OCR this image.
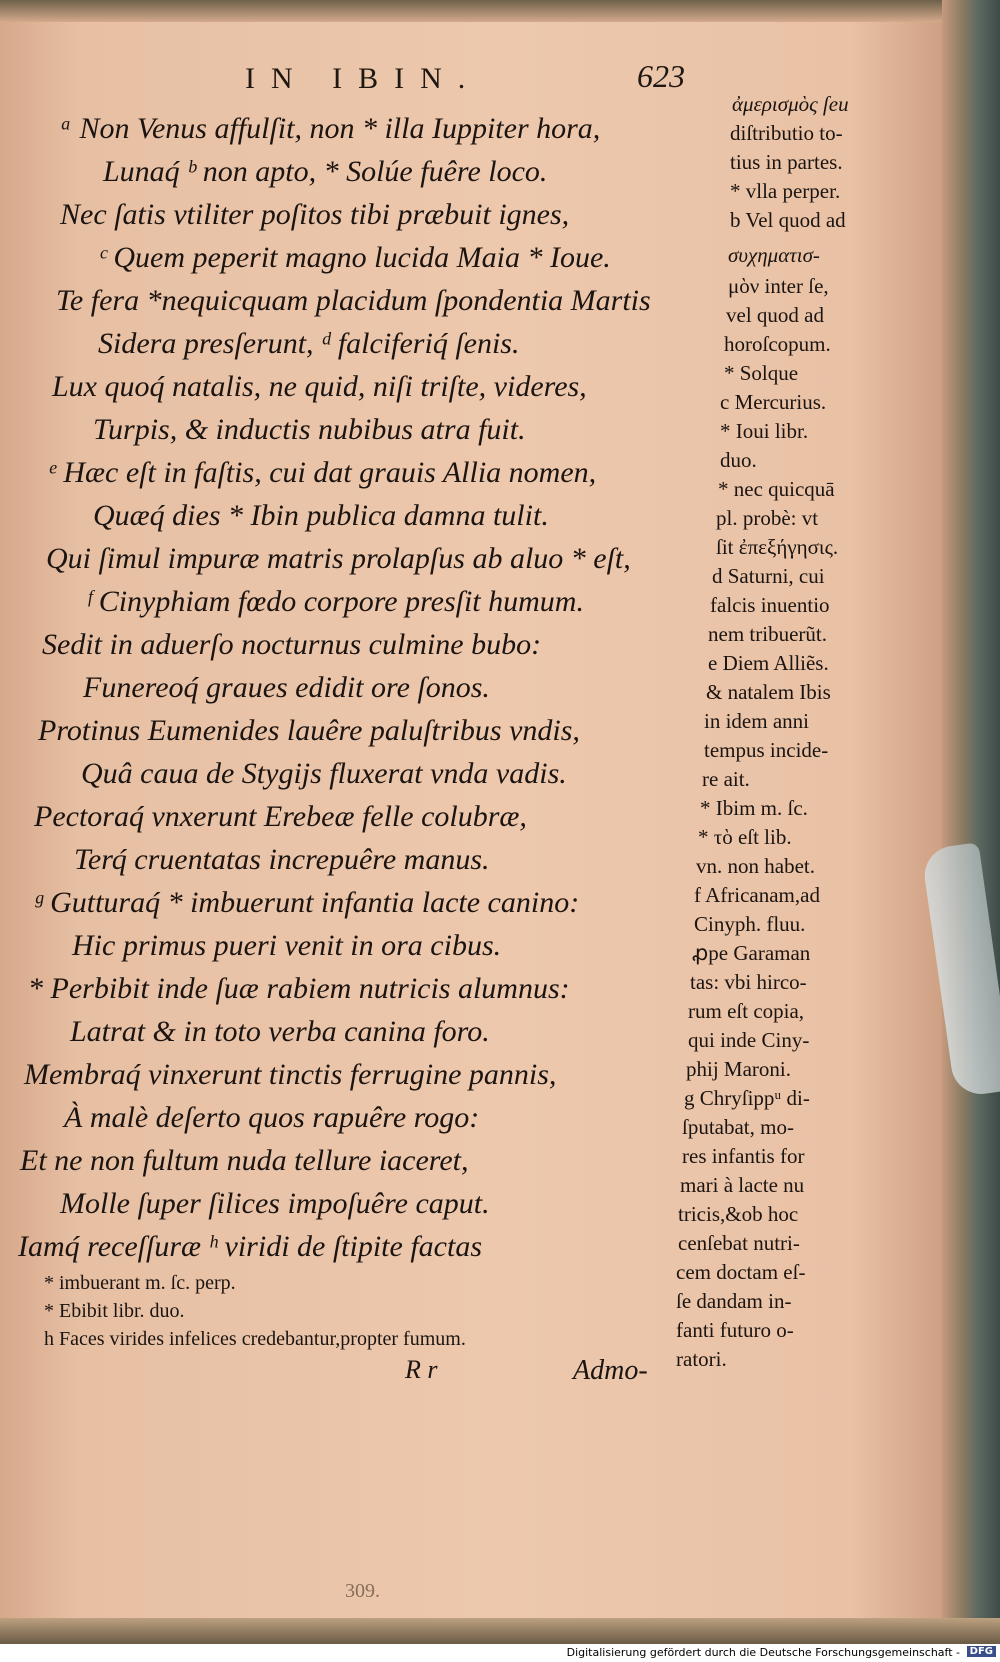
IN IBIN.	623
ᵃ Non Venus affulſit, non * illa Iuppiter hora,
Lunaq́ ᵇ non apto, * Solúe fuêre loco.
Nec ſatis vtiliter poſitos tibi præbuit ignes,
ᶜ Quem peperit magno lucida Maia * Ioue.
Te fera *nequicquam placidum ſpondentia Martis
Sidera presſerunt, ᵈ falciferiq́ ſenis.
Lux quoq́ natalis, ne quid, niſi triſte, videres,
Turpis, & inductis nubibus atra fuit.
ᵉ Hæc eſt in faſtis, cui dat grauis Allia nomen,
Quæq́ dies * Ibin publica damna tulit.
Qui ſimul impuræ matris prolapſus ab aluo * eſt,
ᶠ Cinyphiam fœdo corpore presſit humum.
Sedit in aduerſo nocturnus culmine bubo:
Funereoq́ graues edidit ore ſonos.
Protinus Eumenides lauêre paluſtribus vndis,
Quâ caua de Stygijs fluxerat vnda vadis.
Pectoraq́ vnxerunt Erebeæ felle colubræ,
Terq́ cruentatas increpuêre manus.
ᵍ Gutturaq́ * imbuerunt infantia lacte canino:
Hic primus pueri venit in ora cibus.
* Perbibit inde ſuæ rabiem nutricis alumnus:
Latrat & in toto verba canina foro.
Membraq́ vinxerunt tinctis ferrugine pannis,
À malè deſerto quos rapuêre rogo:
Et ne non fultum nuda tellure iaceret,
Molle ſuper ſilices impoſuêre caput.
Iamq́ receſſuræ ʰ viridi de ſtipite factas
* imbuerant m. ſc. perp.
* Ebibit libr. duo.
h Faces virides infelices credebantur,propter fumum.
R r	Admo-
ἀμερισμὸς ſeu
diſtributio to-
tius in partes.
* vlla perper.
b Vel quod ad
συχηματισ-
μὸν inter ſe,
vel quod ad
horoſcopum.
* Solque
c Mercurius.
* Ioui libr.
duo.
* nec quicquā
pl. probè: vt
ſit ἐπεξήγησις.
d Saturni, cui
falcis inuentio
nem tribuerũt.
e Diem Alliẽs.
& natalem Ibis
in idem anni
tempus incide-
re ait.
* Ibim m. ſc.
* τὸ eſt lib.
vn. non habet.
f Africanam,ad
Cinyph. fluu.
ꝓpe Garaman
tas: vbi hirco-
rum eſt copia,
qui inde Ciny-
phij Maroni.
g Chryſippᵘ di-
ſputabat, mo-
res infantis for
mari à lacte nu
tricis,&ob hoc
cenſebat nutri-
cem doctam eſ-
ſe dandam in-
fanti futuro o-
ratori.
309.
Digitalisierung gefördert durch die Deutsche Forschungsgemeinschaft - DFG
